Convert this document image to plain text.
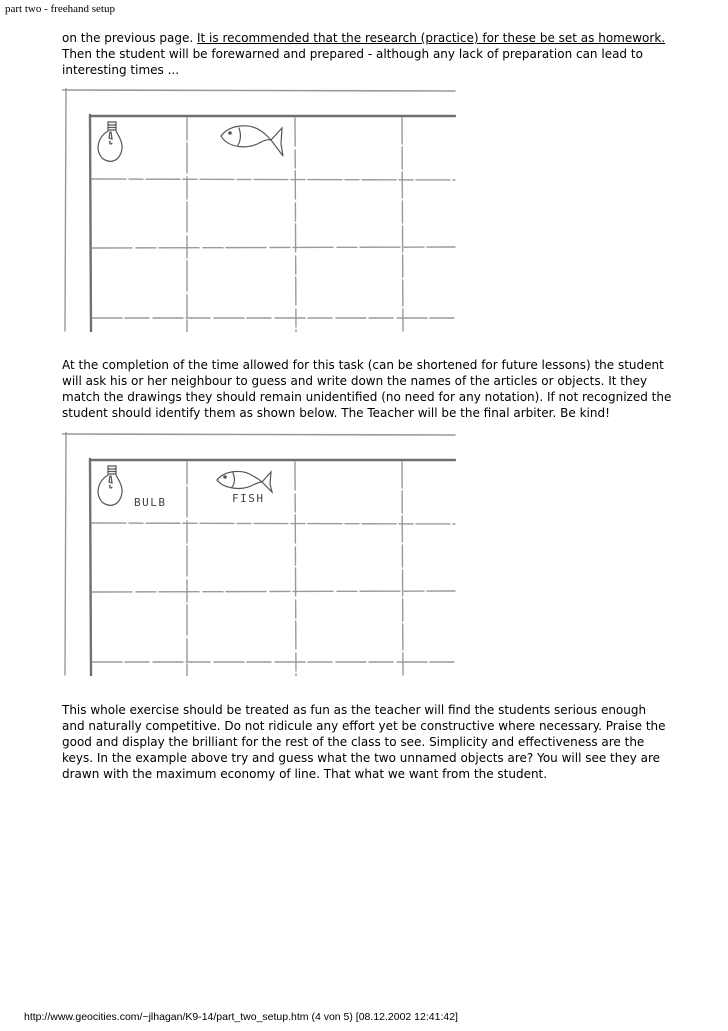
part two - freehand setup

on the previous page. It is recommended that the research (practice) for these be set as homework. Then the student will be forewarned and prepared - although any lack of preparation can lead to interesting times ...

At the completion of the time allowed for this task (can be shortened for future lessons) the student will ask his or her neighbour to guess and write down the names of the articles or objects. It they match the drawings they should remain unidentified (no need for any notation). If not recognized the student should identify them as shown below. The Teacher will be the final arbiter. Be kind!

BULB	FISH

This whole exercise should be treated as fun as the teacher will find the students serious enough and naturally competitive. Do not ridicule any effort yet be constructive where necessary. Praise the good and display the brilliant for the rest of the class to see. Simplicity and effectiveness are the keys. In the example above try and guess what the two unnamed objects are? You will see they are drawn with the maximum economy of line. That what we want from the student.

http://www.geocities.com/~jlhagan/K9-14/part_two_setup.htm (4 von 5) [08.12.2002 12:41:42]
